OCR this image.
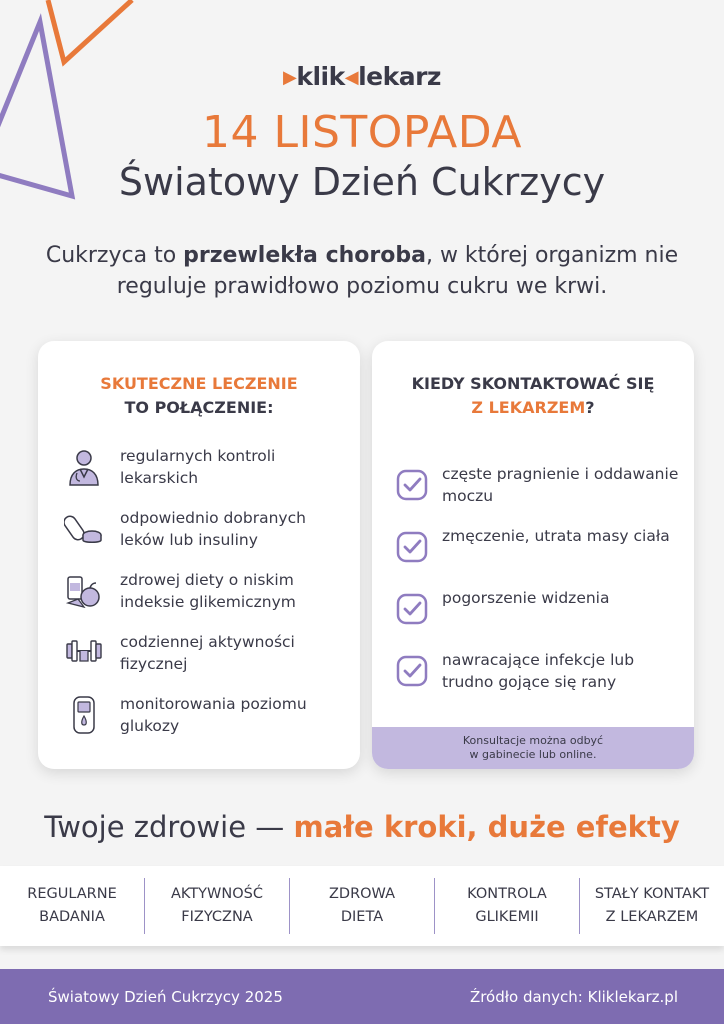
▶klik◀lekarz
14 LISTOPADA
Światowy Dzień Cukrzycy
Cukrzyca to przewlekła choroba, w której organizm nie reguluje prawidłowo poziomu cukru we krwi.
SKUTECZNE LECZENIE
TO POŁĄCZENIE:
regularnych kontroli lekarskich
odpowiednio dobranych leków lub insuliny
zdrowej diety o niskim indeksie glikemicznym
codziennej aktywności fizycznej
monitorowania poziomu glukozy
KIEDY SKONTAKTOWAĆ SIĘ
Z LEKARZEM?
częste pragnienie i oddawanie moczu
zmęczenie, utrata masy ciała
pogorszenie widzenia
nawracające infekcje lub trudno gojące się rany
Konsultacje można odbyć
w gabinecie lub online.
Twoje zdrowie — małe kroki, duże efekty
REGULARNE
BADANIA
AKTYWNOŚĆ
FIZYCZNA
ZDROWA
DIETA
KONTROLA
GLIKEMII
STAŁY KONTAKT
Z LEKARZEM
Światowy Dzień Cukrzycy 2025	Źródło danych: Kliklekarz.pl
